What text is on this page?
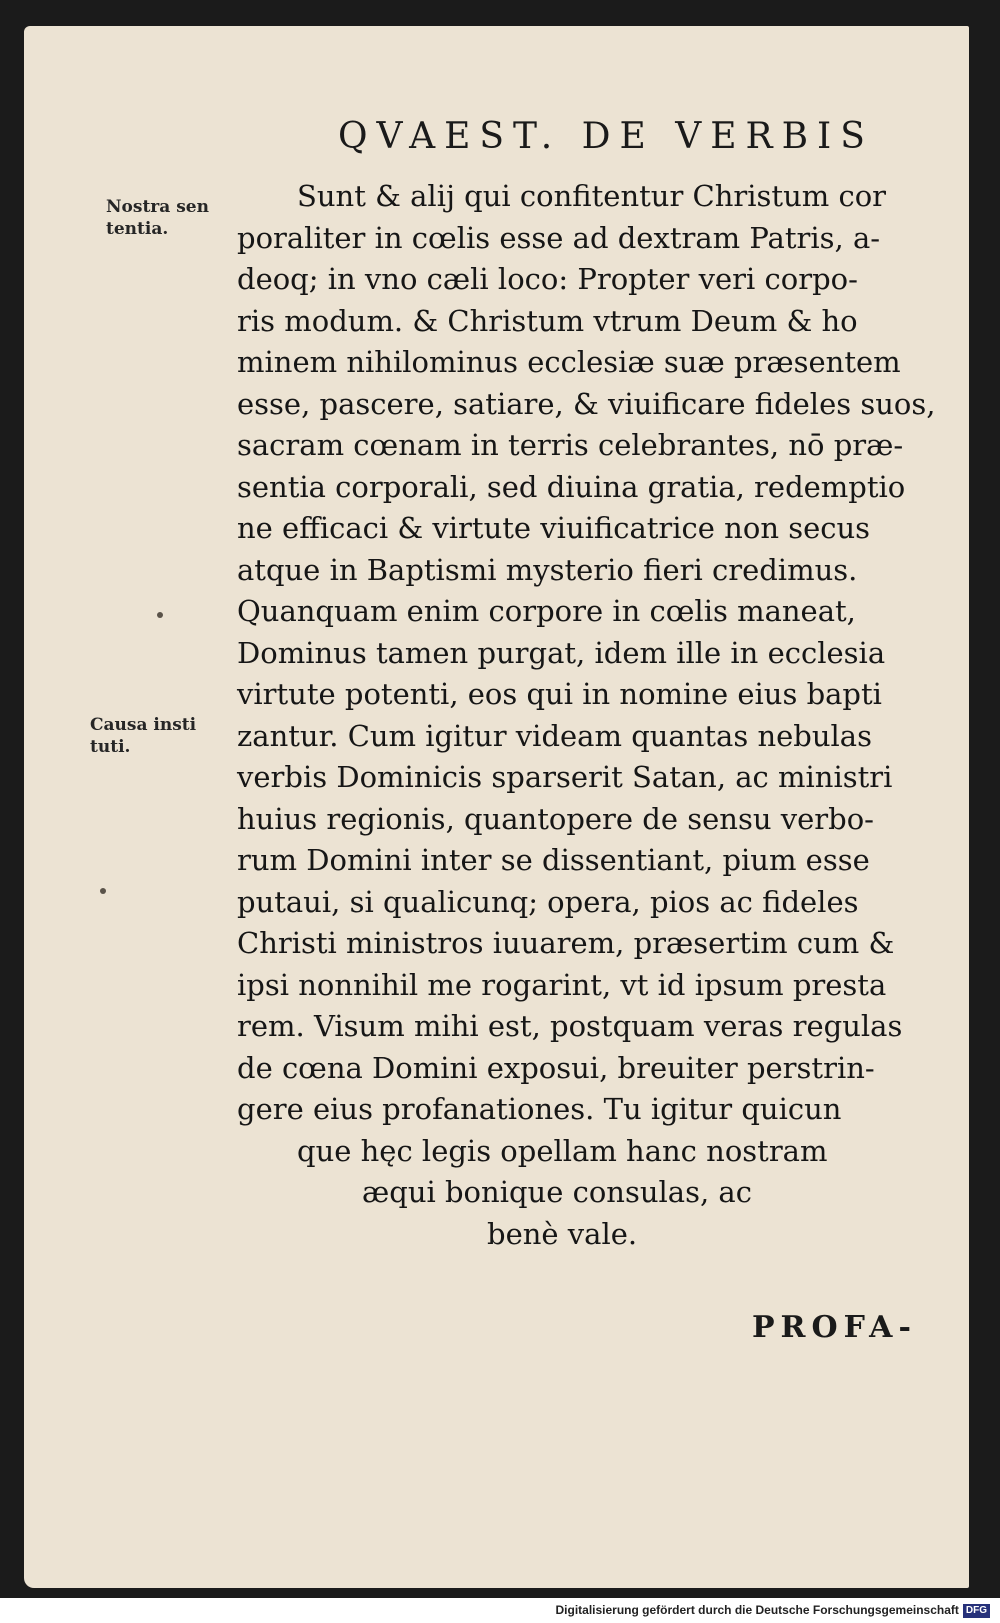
QVAEST. DE VERBIS
Nostra sen tentia.
Causa insti tuti.
Sunt & alij qui confitentur Christum cor
poraliter in cœlis esse ad dextram Patris, a-
deoq; in vno cæli loco: Propter veri corpo-
ris modum. & Christum vtrum Deum & ho
minem nihilominus ecclesiæ suæ præsentem
esse, pascere, satiare, & viuificare fideles suos,
sacram cœnam in terris celebrantes, nō præ-
sentia corporali, sed diuina gratia, redemptio
ne efficaci & virtute viuificatrice non secus
atque in Baptismi mysterio fieri credimus.
Quanquam enim corpore in cœlis maneat,
Dominus tamen purgat, idem ille in ecclesia
virtute potenti, eos qui in nomine eius bapti
zantur. Cum igitur videam quantas nebulas
verbis Dominicis sparserit Satan, ac ministri
huius regionis, quantopere de sensu verbo-
rum Domini inter se dissentiant, pium esse
putaui, si qualicunq; opera, pios ac fideles
Christi ministros iuuarem, præsertim cum &
ipsi nonnihil me rogarint, vt id ipsum presta
rem. Visum mihi est, postquam veras regulas
de cœna Domini exposui, breuiter perstrin-
gere eius profanationes. Tu igitur quicun
que hęc legis opellam hanc nostram
æqui bonique consulas, ac
benè vale.
PROFA-
Digitalisierung gefördert durch die Deutsche Forschungsgemeinschaft DFG
